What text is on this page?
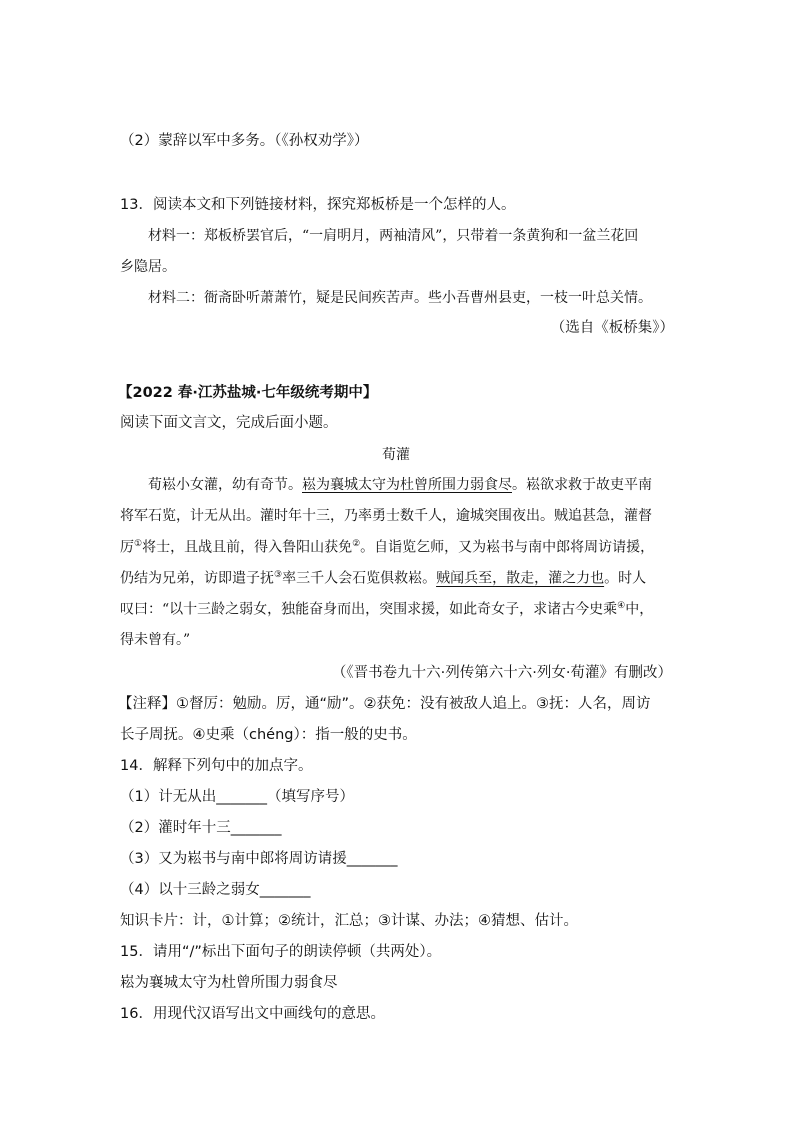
（2）蒙辞以军中多务。（《孙权劝学》）
13．阅读本文和下列链接材料，探究郑板桥是一个怎样的人。
材料一：郑板桥罢官后，“一肩明月，两袖清风”，只带着一条黄狗和一盆兰花回
乡隐居。
材料二：衙斋卧听萧萧竹，疑是民间疾苦声。些小吾曹州县吏，一枝一叶总关情。
（选自《板桥集》）
【2022 春·江苏盐城·七年级统考期中】
阅读下面文言文，完成后面小题。
荀灌
荀崧小女灌，幼有奇节。崧为襄城太守为杜曾所围力弱食尽。崧欲求救于故吏平南
将军石览，计无从出。灌时年十三，乃率勇士数千人，逾城突围夜出。贼追甚急，灌督
厉①将士，且战且前，得入鲁阳山获免②。自诣览乞师，又为崧书与南中郎将周访请援，
仍结为兄弟，访即遣子抚③率三千人会石览俱救崧。贼闻兵至，散走，灌之力也。时人
叹曰：“以十三龄之弱女，独能奋身而出，突围求援，如此奇女子，求诸古今史乘④中，
得未曾有。”
（《晋书卷九十六·列传第六十六·列女·荀灌》有删改）
【注释】①督厉：勉励。厉，通“励”。②获免：没有被敌人追上。③抚：人名，周访
长子周抚。④史乘（chéng）：指一般的史书。
14．解释下列句中的加点字。
（1）计无从出_______（填写序号）
（2）灌时年十三_______
（3）又为崧书与南中郎将周访请援_______
（4）以十三龄之弱女_______
知识卡片：计，①计算；②统计，汇总；③计谋、办法；④猜想、估计。
15．请用“/”标出下面句子的朗读停顿（共两处）。
崧为襄城太守为杜曾所围力弱食尽
16．用现代汉语写出文中画线句的意思。
